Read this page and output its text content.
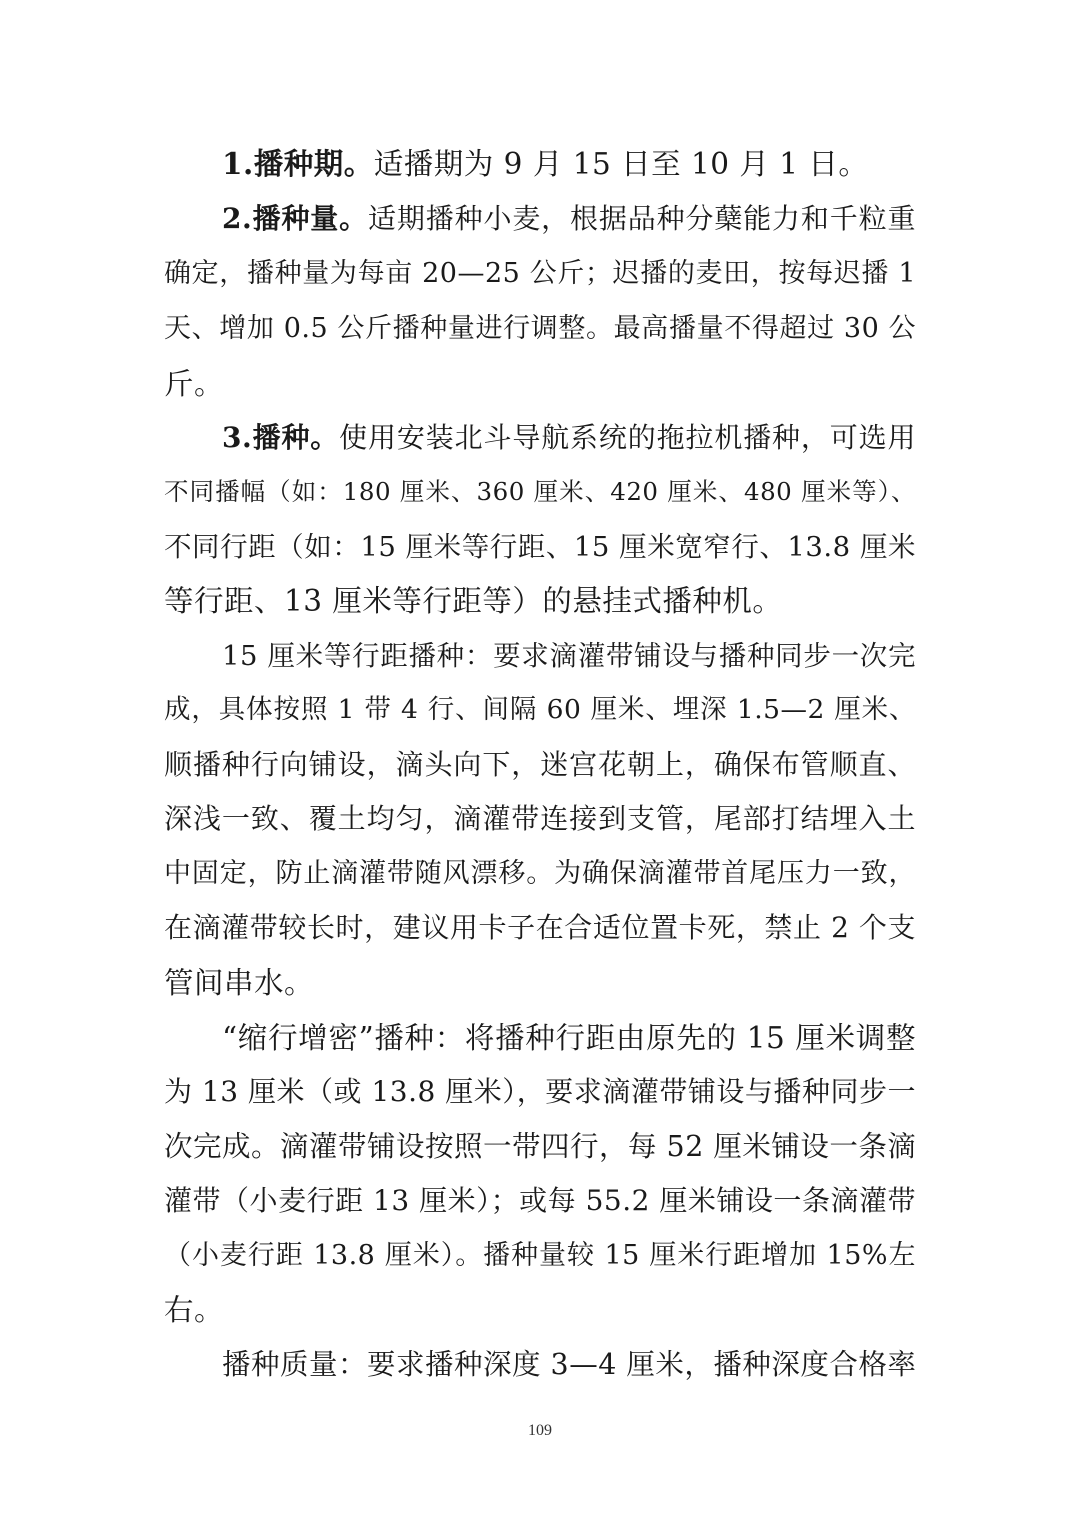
1.播种期。适播期为 9 月 15 日至 10 月 1 日。
2.播种量。适期播种小麦，根据品种分蘖能力和千粒重
确定，播种量为每亩 20—25 公斤；迟播的麦田，按每迟播 1
天、增加 0.5 公斤播种量进行调整。最高播量不得超过 30 公
斤。
3.播种。使用安装北斗导航系统的拖拉机播种，可选用
不同播幅（如：180 厘米、360 厘米、420 厘米、480 厘米等）、
不同行距（如：15 厘米等行距、15 厘米宽窄行、13.8 厘米
等行距、13 厘米等行距等）的悬挂式播种机。
15 厘米等行距播种：要求滴灌带铺设与播种同步一次完
成，具体按照 1 带 4 行、间隔 60 厘米、埋深 1.5—2 厘米、
顺播种行向铺设，滴头向下，迷宫花朝上，确保布管顺直、
深浅一致、覆土均匀，滴灌带连接到支管，尾部打结埋入土
中固定，防止滴灌带随风漂移。为确保滴灌带首尾压力一致，
在滴灌带较长时，建议用卡子在合适位置卡死，禁止 2 个支
管间串水。
“缩行增密”播种：将播种行距由原先的 15 厘米调整
为 13 厘米（或 13.8 厘米），要求滴灌带铺设与播种同步一
次完成。滴灌带铺设按照一带四行，每 52 厘米铺设一条滴
灌带（小麦行距 13 厘米）；或每 55.2 厘米铺设一条滴灌带
（小麦行距 13.8 厘米）。播种量较 15 厘米行距增加 15%左
右。
播种质量：要求播种深度 3—4 厘米，播种深度合格率
109
